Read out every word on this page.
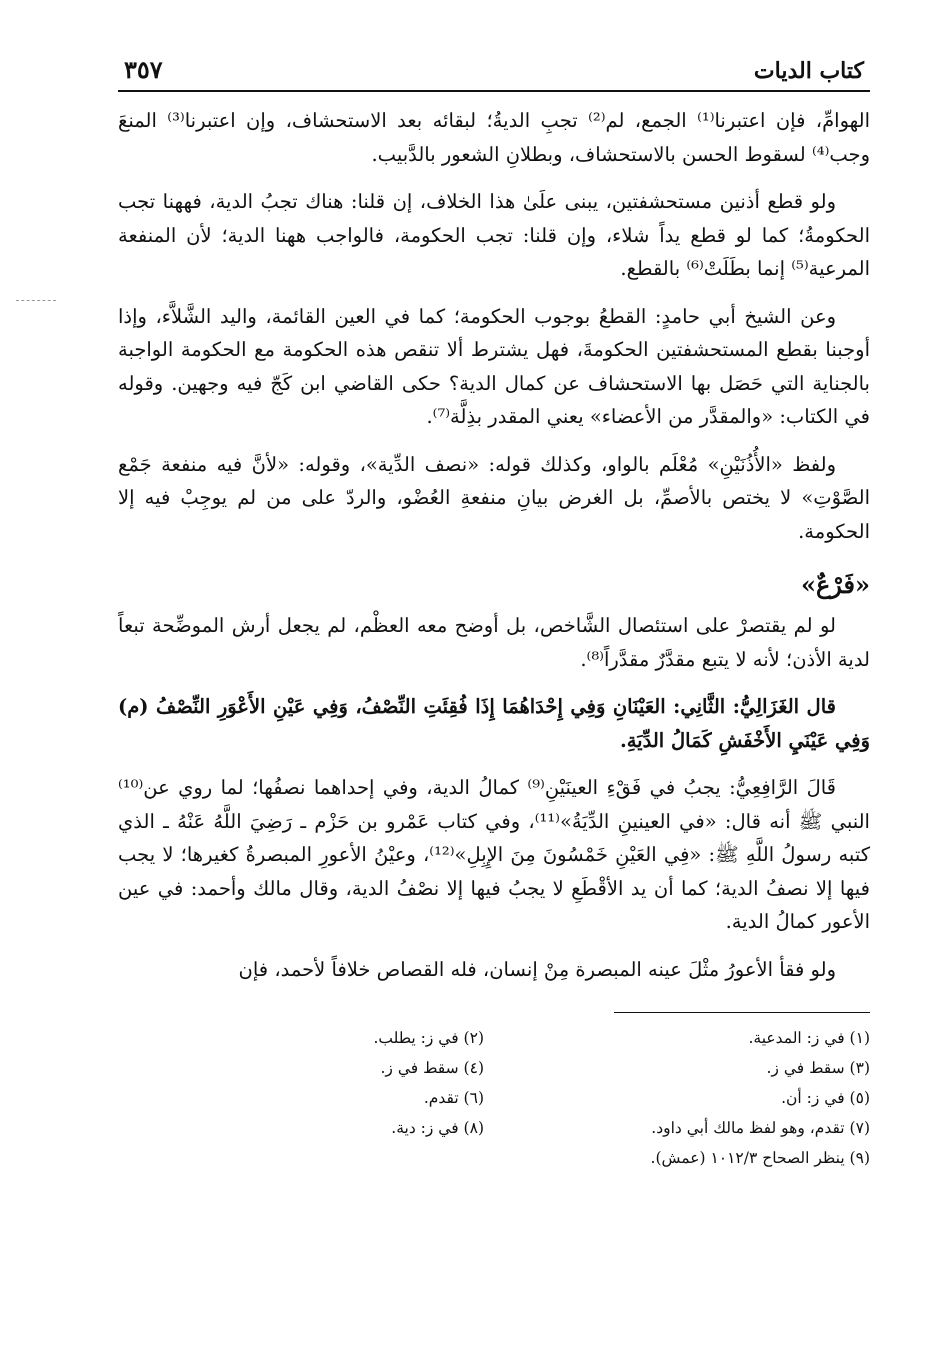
كتاب الديات
٣٥٧

الهوامِّ، فإن اعتبرنا⁽¹⁾ الجمع، لم⁽²⁾ تجبِ الديةُ؛ لبقائه بعد الاستحشاف، وإن اعتبرنا⁽³⁾ المنعَ وجب⁽⁴⁾ لسقوط الحسن بالاستحشاف، وبطلانِ الشعور بالدَّبيب.

ولو قطع أذنين مستحشفتين، يبنى علَىٰ هذا الخلاف، إن قلنا: هناك تجبُ الدية، فههنا تجب الحكومةُ؛ كما لو قطع يداً شلاء، وإن قلنا: تجب الحكومة، فالواجب ههنا الدية؛ لأن المنفعة المرعية⁽⁵⁾ إنما بطَلَتْ⁽⁶⁾ بالقطع.

وعن الشيخ أبي حامدٍ: القطعُ بوجوب الحكومة؛ كما في العين القائمة، واليد الشَّلاَّء، وإذا أوجبنا بقطع المستحشفتين الحكومةَ، فهل يشترط ألا تنقص هذه الحكومة مع الحكومة الواجبة بالجناية التي حَصَل بها الاستحشاف عن كمال الدية؟ حكى القاضي ابن كَجّ فيه وجهين. وقوله في الكتاب: «والمقدَّر من الأعضاء» يعني المقدر بذِلَّة⁽⁷⁾.

ولفظ «الأُذُنَيْنِ» مُعْلَم بالواو، وكذلك قوله: «نصف الدِّية»، وقوله: «لأنَّ فيه منفعة جَمْع الصَّوْتِ» لا يختص بالأصمِّ، بل الغرض بيانِ منفعةِ العُضْو، والردّ على من لم يوجِبْ فيه إلا الحكومة.

«فَرْعٌ»

لو لم يقتصرْ على استئصال الشَّاخص، بل أوضح معه العظْم، لم يجعل أرش الموضِّحة تبعاً لدية الأذن؛ لأنه لا يتبع مقدَّرٌ مقدَّراً⁽⁸⁾.

قال الغَزَالِيُّ: الثَّانِي: العَيْنَانِ وَفِي إِحْدَاهُمَا إِذَا فُقِئَتِ النِّصْفُ، وَفِي عَيْنِ الأَعْوَرِ النِّصْفُ (م) وَفِي عَيْنَيِ الأَخْفَشِ كَمَالُ الدِّيَةِ.

قَالَ الرَّافِعِيُّ: يجبُ في فَقْءِ العينَيْنِ⁽⁹⁾ كمالُ الدية، وفي إحداهما نصفُها؛ لما روي عن⁽¹⁰⁾ النبي ﷺ أنه قال: «في العينينِ الدِّيَةُ»⁽¹¹⁾، وفي كتاب عَمْرو بن حَزْم ـ رَضِيَ اللَّهُ عَنْهُ ـ الذي كتبه رسولُ اللَّهِ ﷺ: «فِي العَيْنِ خَمْسُونَ مِنَ الإِبِلِ»⁽¹²⁾، وعيْنُ الأعورِ المبصرةُ كغيرها؛ لا يجب فيها إلا نصفُ الدية؛ كما أن يد الأقْطَعِ لا يجبُ فيها إلا نصْفُ الدية، وقال مالك وأحمد: في عين الأعور كمالُ الدية.

ولو فقأ الأعورُ مثْلَ عينه المبصرة مِنْ إنسان، فله القصاص خلافاً لأحمد، فإن

(١) في ز: المدعية.
(٣) سقط في ز.
(٥) في ز: أن.
(٧) تقدم، وهو لفظ مالك أبي داود.
(٩) ينظر الصحاح ١٠١٢/٣ (عمش).
(٢) في ز: يطلب.
(٤) سقط في ز.
(٦) تقدم.
(٨) في ز: دية.
